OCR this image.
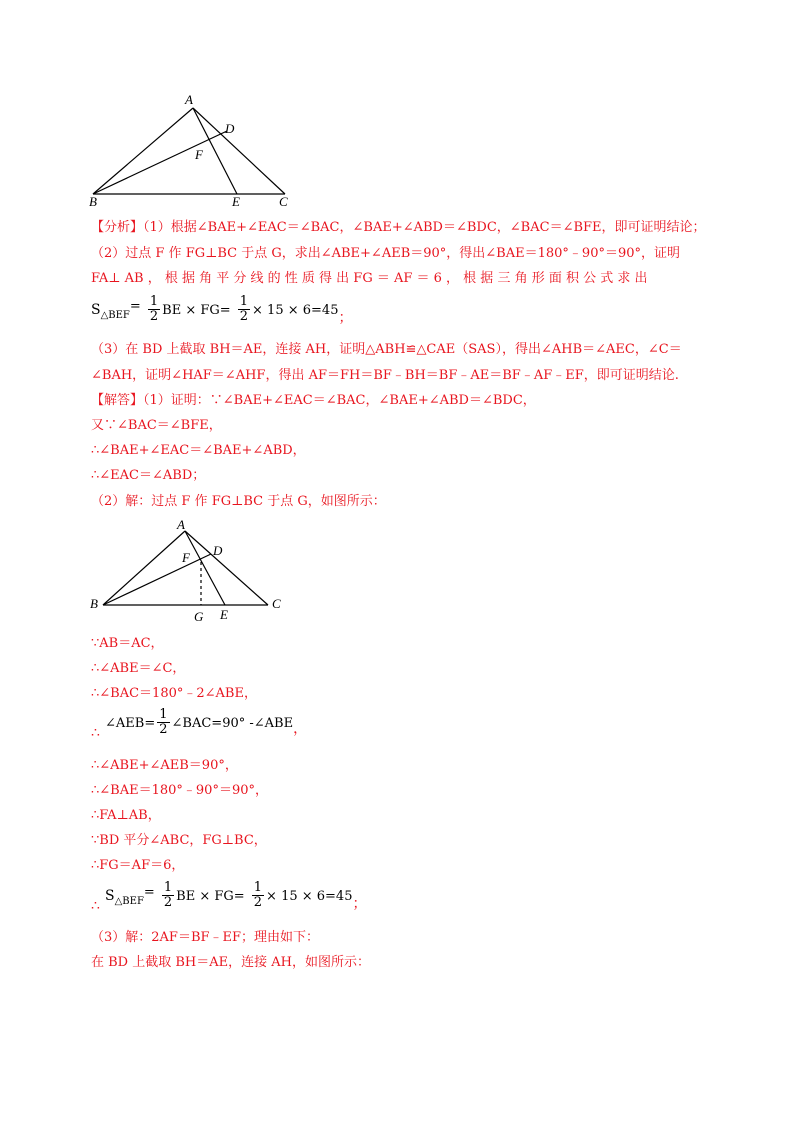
A
B	C
D
E
F
【分析】（1）根据∠BAE+∠EAC＝∠BAC，∠BAE+∠ABD＝∠BDC，∠BAC＝∠BFE，即可证明结论；
（2）过点 F 作 FG⊥BC 于点 G，求出∠ABE+∠AEB＝90°，得出∠BAE＝180°﹣90°＝90°，证明
FA⊥ AB ， 根 据 角 平 分 线 的 性 质 得 出 FG ＝ AF ＝ 6 ， 根 据 三 角 形 面 积 公 式 求 出
$S_{\triangle BEF}^= \frac{1}{2}$ BE × $FG= \frac{1}{2} \times 15 \times 6=45$；
（3）在 BD 上截取 BH＝AE，连接 AH，证明△ABH≌△CAE（SAS），得出∠AHB＝∠AEC，∠C＝
∠BAH，证明∠HAF＝∠AHF，得出 AF＝FH＝BF﹣BH＝BF﹣AE＝BF﹣AF﹣EF，即可证明结论.
【解答】（1）证明：∵∠BAE+∠EAC＝∠BAC，∠BAE+∠ABD＝∠BDC，
又∵∠BAC＝∠BFE，
∴∠BAE+∠EAC＝∠BAE+∠ABD，
∴∠EAC＝∠ABD；
（2）解：过点 F 作 FG⊥BC 于点 G，如图所示：
A
B	C
D
E
F
G
∵AB＝AC，
∴∠ABE＝∠C，
∴∠BAC＝180°﹣2∠ABE，
∴ ∠AEB= $\frac{1}{2}$ ∠BAC=90° -∠ABE，
∴∠ABE+∠AEB＝90°，
∴∠BAE＝180°﹣90°＝90°，
∴FA⊥AB，
∵BD 平分∠ABC，FG⊥BC，
∴FG＝AF＝6，
∴ $S_{\triangle BEF}^= \frac{1}{2}$ BE × $FG= \frac{1}{2} \times 15 \times 6=45$；
（3）解：2AF＝BF﹣EF；理由如下：
在 BD 上截取 BH＝AE，连接 AH，如图所示：
